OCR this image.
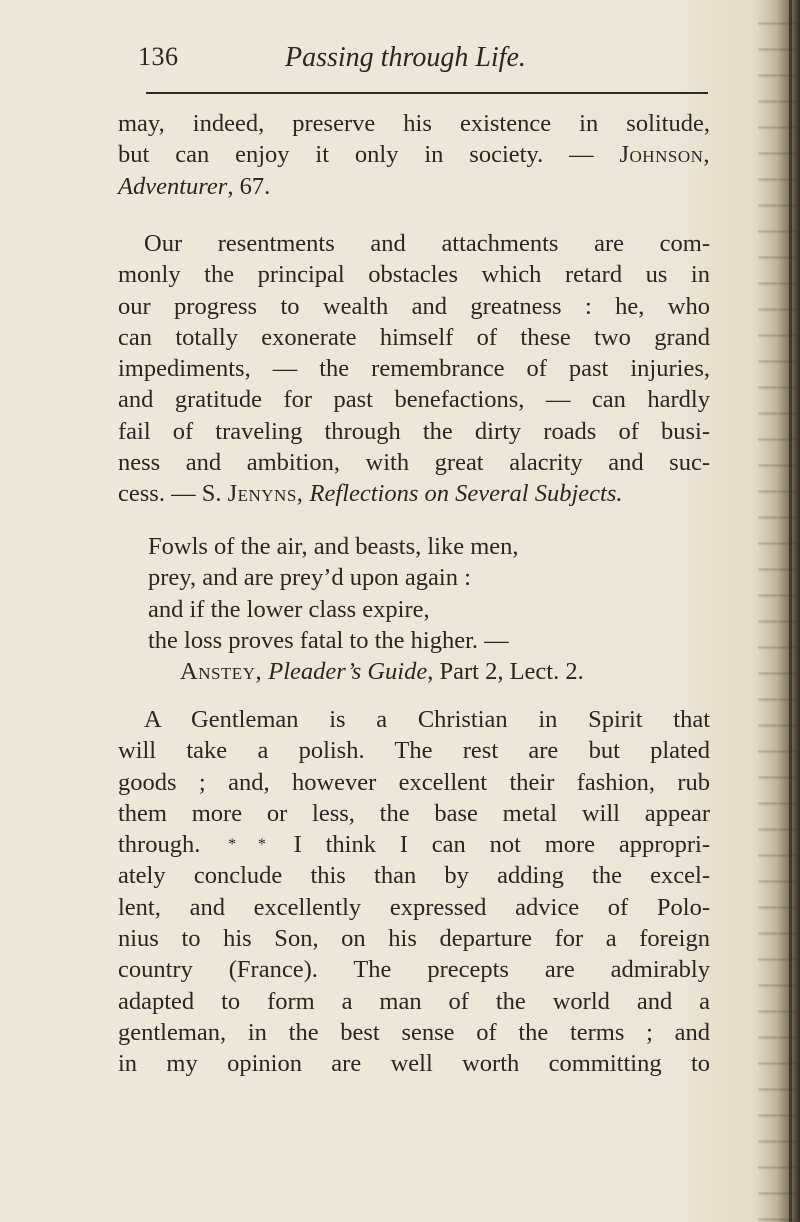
136	Passing through Life.
may, indeed, preserve his existence in solitude,
but can enjoy it only in society. — Johnson,
Adventurer, 67.
Our resentments and attachments are com-
monly the principal obstacles which retard us in
our progress to wealth and greatness : he, who
can totally exonerate himself of these two grand
impediments, — the remembrance of past injuries,
and gratitude for past benefactions, — can hardly
fail of traveling through the dirty roads of busi-
ness and ambition, with great alacrity and suc-
cess. — S. Jenyns, Reflections on Several Subjects.
Fowls of the air, and beasts, like men,
prey, and are prey’d upon again :
and if the lower class expire,
the loss proves fatal to the higher. —
Anstey, Pleader’s Guide, Part 2, Lect. 2.
A Gentleman is a Christian in Spirit that
will take a polish. The rest are but plated
goods ; and, however excellent their fashion, rub
them more or less, the base metal will appear
through. * * I think I can not more appropri-
ately conclude this than by adding the excel-
lent, and excellently expressed advice of Polo-
nius to his Son, on his departure for a foreign
country (France). The precepts are admirably
adapted to form a man of the world and a
gentleman, in the best sense of the terms ; and
in my opinion are well worth committing to
